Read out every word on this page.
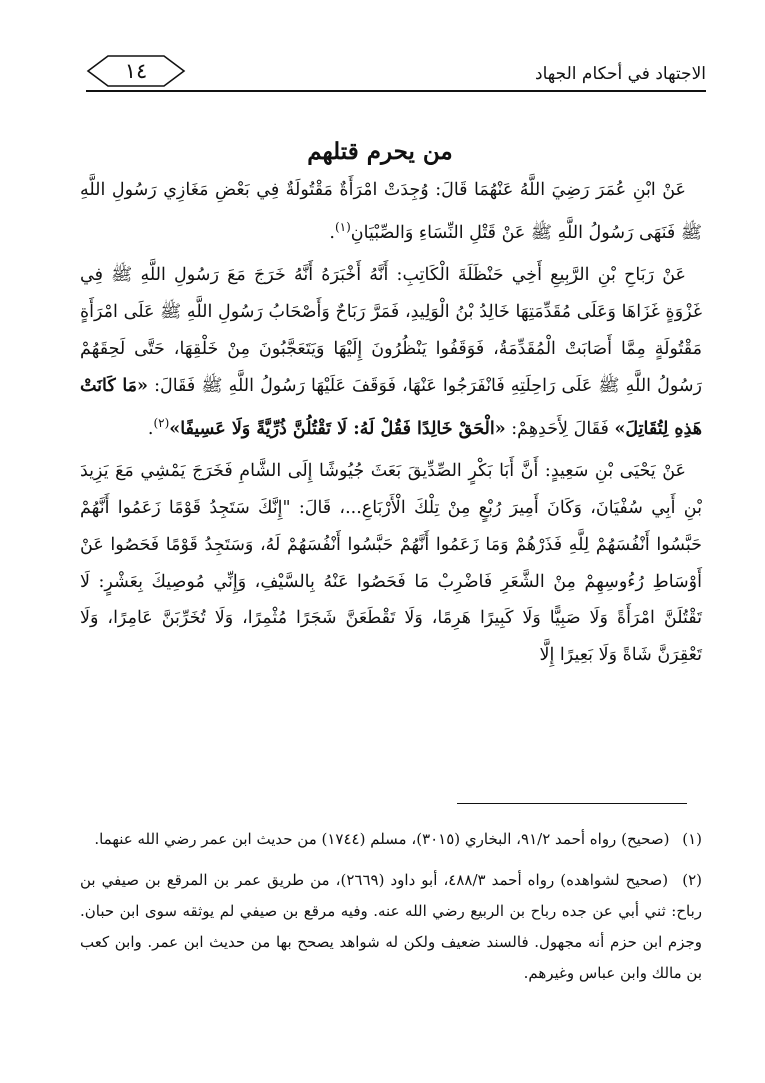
الاجتهاد في أحكام الجهاد
١٤
من يحرم قتلهم

عَنْ ابْنِ عُمَرَ رَضِيَ اللَّهُ عَنْهُمَا قَالَ: وُجِدَتْ امْرَأَةٌ مَقْتُولَةٌ فِي بَعْضِ مَغَازِي رَسُولِ اللَّهِ ﷺ فَنَهَى رَسُولُ اللَّهِ ﷺ عَنْ قَتْلِ النِّسَاءِ وَالصِّبْيَانِ$^{(١)}$.

عَنْ رَبَاحِ بْنِ الرَّبِيعِ أَخِي حَنْظَلَةَ الْكَاتِبِ: أَنَّهُ أَخْبَرَهُ أَنَّهُ خَرَجَ مَعَ رَسُولِ اللَّهِ ﷺ فِي غَزْوَةٍ غَزَاهَا وَعَلَى مُقَدِّمَتِهَا خَالِدُ بْنُ الْوَلِيدِ، فَمَرَّ رَبَاحٌ وَأَصْحَابُ رَسُولِ اللَّهِ ﷺ عَلَى امْرَأَةٍ مَقْتُولَةٍ مِمَّا أَصَابَتْ الْمُقَدِّمَةُ، فَوَقَفُوا يَنْظُرُونَ إِلَيْهَا وَيَتَعَجَّبُونَ مِنْ خَلْقِهَا، حَتَّى لَحِقَهُمْ رَسُولُ اللَّهِ ﷺ عَلَى رَاحِلَتِهِ فَانْفَرَجُوا عَنْهَا، فَوَقَفَ عَلَيْهَا رَسُولُ اللَّهِ ﷺ فَقَالَ: «مَا كَانَتْ هَذِهِ لِتُقَاتِلَ» فَقَالَ لِأَحَدِهِمْ: «الْحَقْ خَالِدًا فَقُلْ لَهُ: لَا تَقْتُلُنَّ ذُرِّيَّةً وَلَا عَسِيفًا»$^{(٢)}$.

عَنْ يَحْيَى بْنِ سَعِيدٍ: أَنَّ أَبَا بَكْرٍ الصِّدِّيقَ بَعَثَ جُيُوشًا إِلَى الشَّامِ فَخَرَجَ يَمْشِي مَعَ يَزِيدَ بْنِ أَبِي سُفْيَانَ، وَكَانَ أَمِيرَ رُبْعٍ مِنْ تِلْكَ الْأَرْبَاعِ...، قَالَ: "إِنَّكَ سَتَجِدُ قَوْمًا زَعَمُوا أَنَّهُمْ حَبَّسُوا أَنْفُسَهُمْ لِلَّهِ فَذَرْهُمْ وَمَا زَعَمُوا أَنَّهُمْ حَبَّسُوا أَنْفُسَهُمْ لَهُ، وَسَتَجِدُ قَوْمًا فَحَصُوا عَنْ أَوْسَاطِ رُءُوسِهِمْ مِنْ الشَّعَرِ فَاضْرِبْ مَا فَحَصُوا عَنْهُ بِالسَّيْفِ، وَإِنِّي مُوصِيكَ بِعَشْرٍ: لَا تَقْتُلَنَّ امْرَأَةً وَلَا صَبِيًّا وَلَا كَبِيرًا هَرِمًا، وَلَا تَقْطَعَنَّ شَجَرًا مُثْمِرًا، وَلَا تُخَرِّبَنَّ عَامِرًا، وَلَا تَعْقِرَنَّ شَاةً وَلَا بَعِيرًا إِلَّا

(١) (صحيح) رواه أحمد ٩١/٢، البخاري (٣٠١٥)، مسلم (١٧٤٤) من حديث ابن عمر رضي الله عنهما.

(٢) (صحيح لشواهده) رواه أحمد ٤٨٨/٣، أبو داود (٢٦٦٩)، من طريق عمر بن المرقع بن صيفي بن رباح: ثني أبي عن جده رباح بن الربيع رضي الله عنه. وفيه مرقع بن صيفي لم يوثقه سوى ابن حبان. وجزم ابن حزم أنه مجهول. فالسند ضعيف ولكن له شواهد يصحح بها من حديث ابن عمر. وابن كعب بن مالك وابن عباس وغيرهم.
